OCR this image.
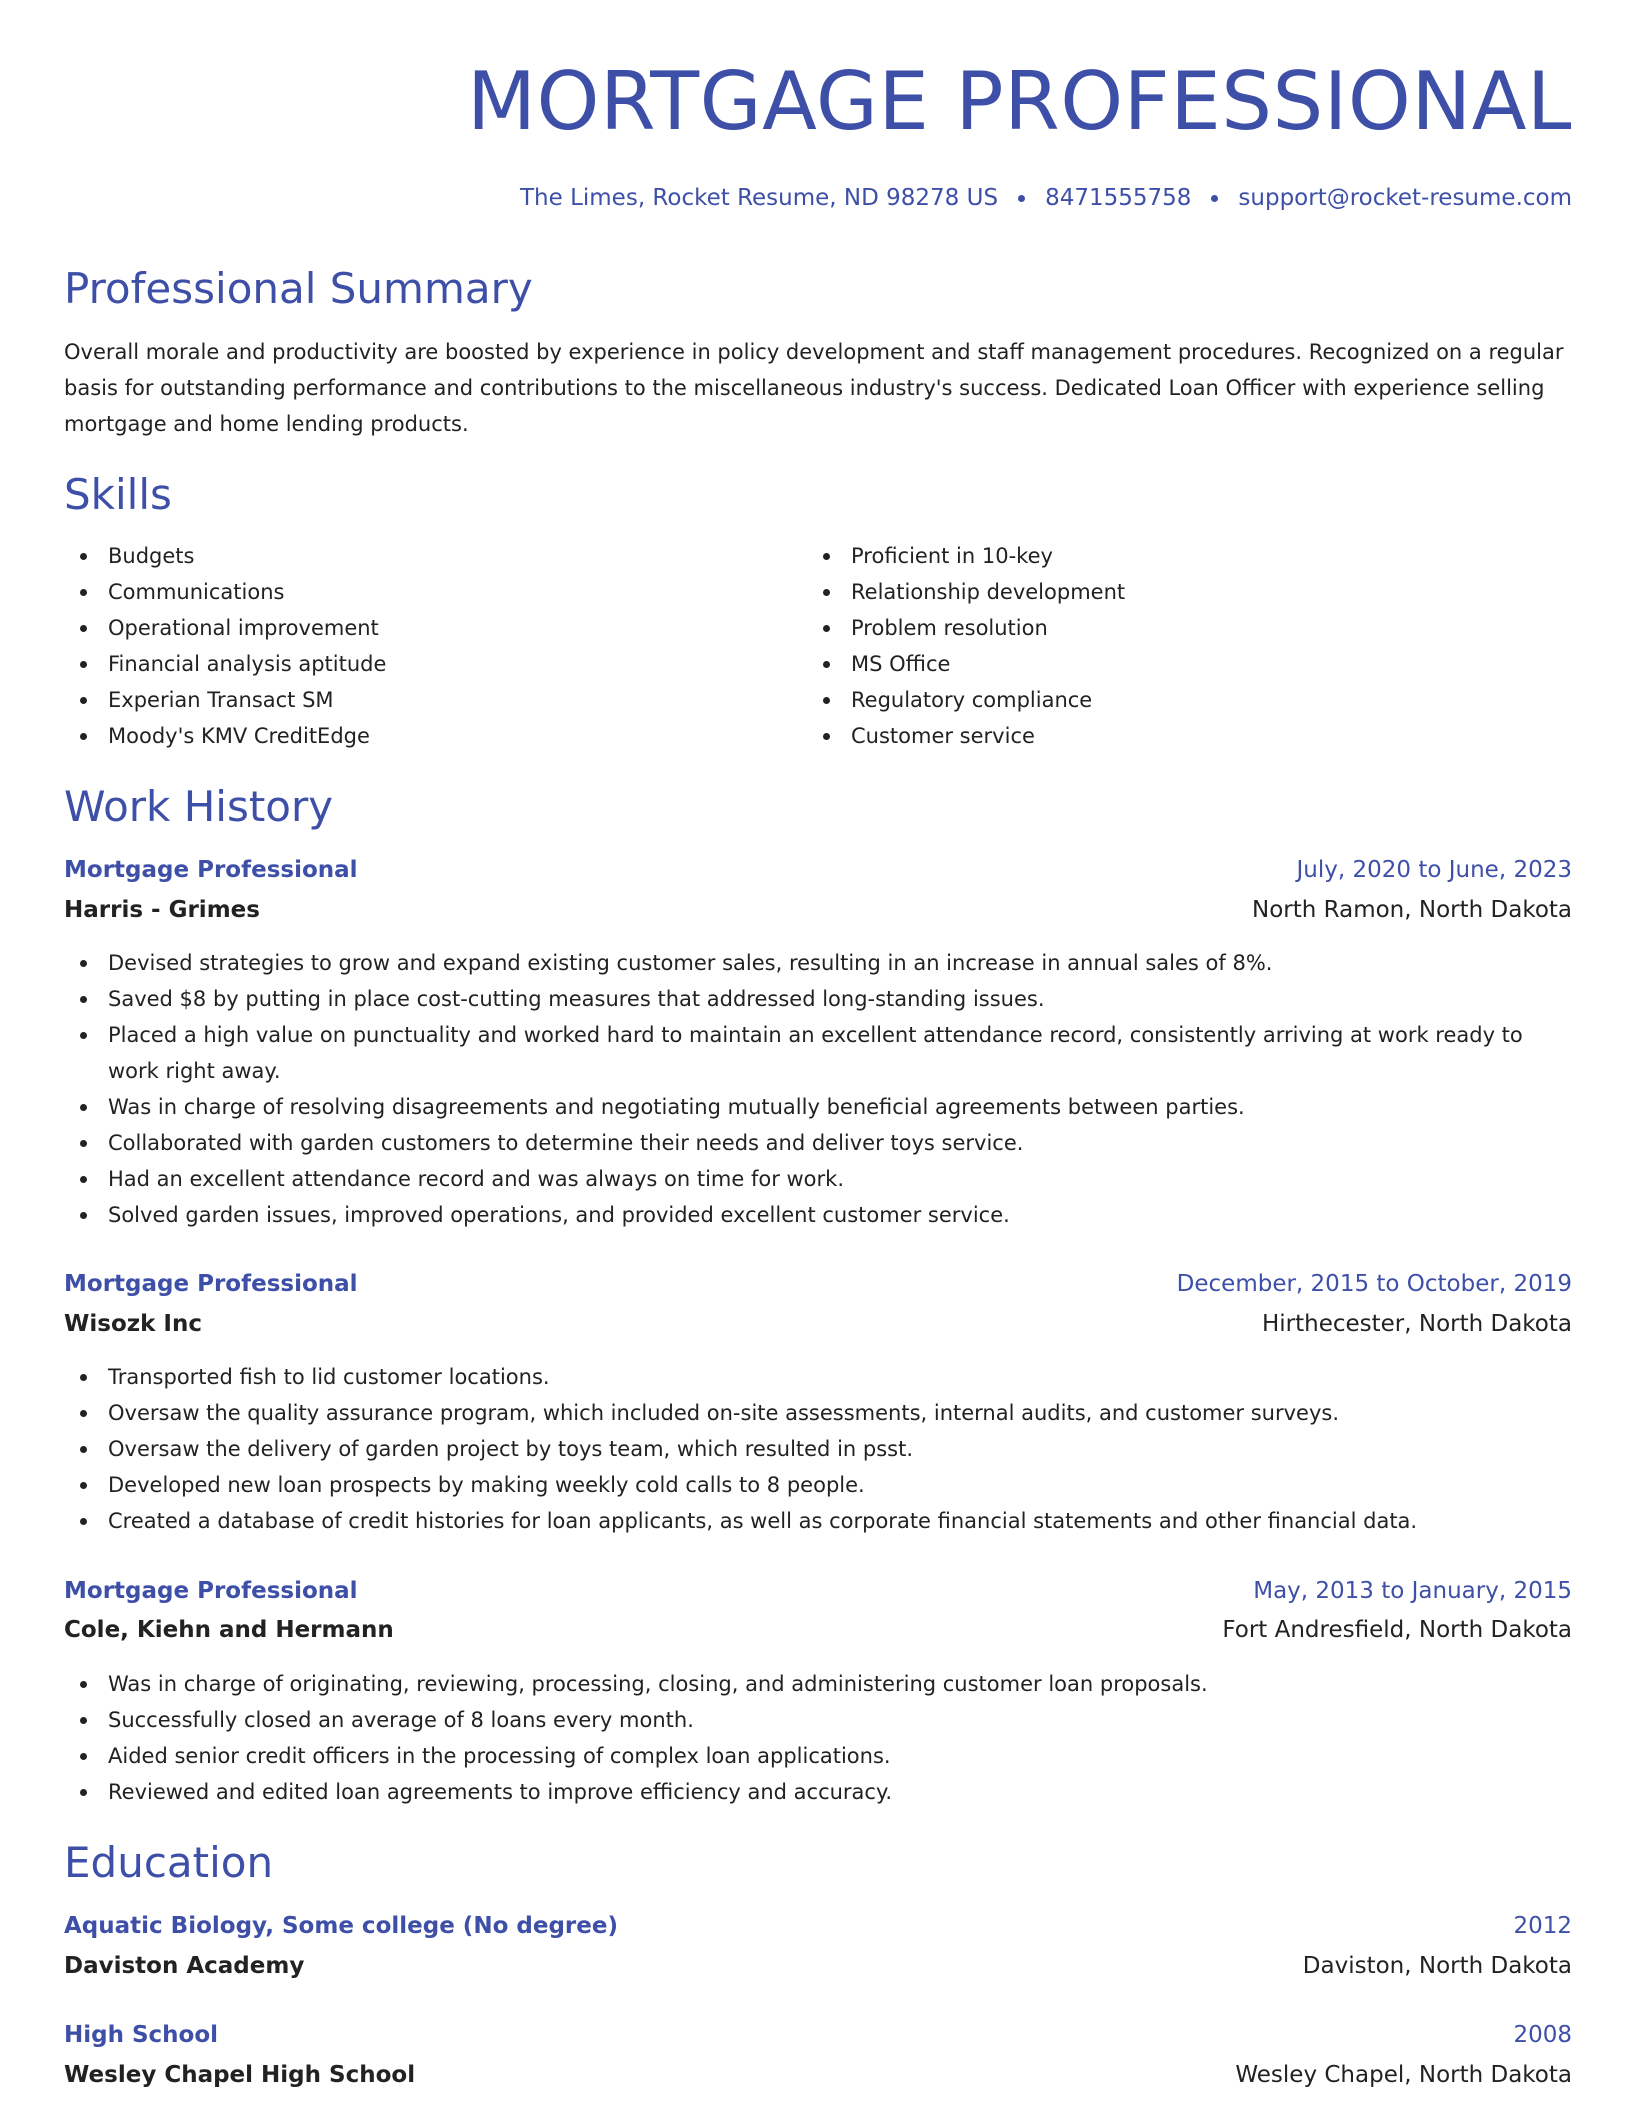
MORTGAGE PROFESSIONAL
The Limes, Rocket Resume, ND 98278 US 8471555758 support@rocket-resume.com
Professional Summary
Overall morale and productivity are boosted by experience in policy development and staff management procedures. Recognized on a regular basis for outstanding performance and contributions to the miscellaneous industry's success. Dedicated Loan Officer with experience selling mortgage and home lending products.
Skills
Budgets
Communications
Operational improvement
Financial analysis aptitude
Experian Transact SM
Moody's KMV CreditEdge
Proficient in 10-key
Relationship development
Problem resolution
MS Office
Regulatory compliance
Customer service
Work History
Mortgage Professional	July, 2020 to June, 2023
Harris - Grimes	North Ramon, North Dakota
Devised strategies to grow and expand existing customer sales, resulting in an increase in annual sales of 8%.
Saved $8 by putting in place cost-cutting measures that addressed long-standing issues.
Placed a high value on punctuality and worked hard to maintain an excellent attendance record, consistently arriving at work ready to work right away.
Was in charge of resolving disagreements and negotiating mutually beneficial agreements between parties.
Collaborated with garden customers to determine their needs and deliver toys service.
Had an excellent attendance record and was always on time for work.
Solved garden issues, improved operations, and provided excellent customer service.
Mortgage Professional	December, 2015 to October, 2019
Wisozk Inc	Hirthecester, North Dakota
Transported fish to lid customer locations.
Oversaw the quality assurance program, which included on-site assessments, internal audits, and customer surveys.
Oversaw the delivery of garden project by toys team, which resulted in psst.
Developed new loan prospects by making weekly cold calls to 8 people.
Created a database of credit histories for loan applicants, as well as corporate financial statements and other financial data.
Mortgage Professional	May, 2013 to January, 2015
Cole, Kiehn and Hermann	Fort Andresfield, North Dakota
Was in charge of originating, reviewing, processing, closing, and administering customer loan proposals.
Successfully closed an average of 8 loans every month.
Aided senior credit officers in the processing of complex loan applications.
Reviewed and edited loan agreements to improve efficiency and accuracy.
Education
Aquatic Biology, Some college (No degree)	2012
Daviston Academy	Daviston, North Dakota
High School	2008
Wesley Chapel High School	Wesley Chapel, North Dakota
